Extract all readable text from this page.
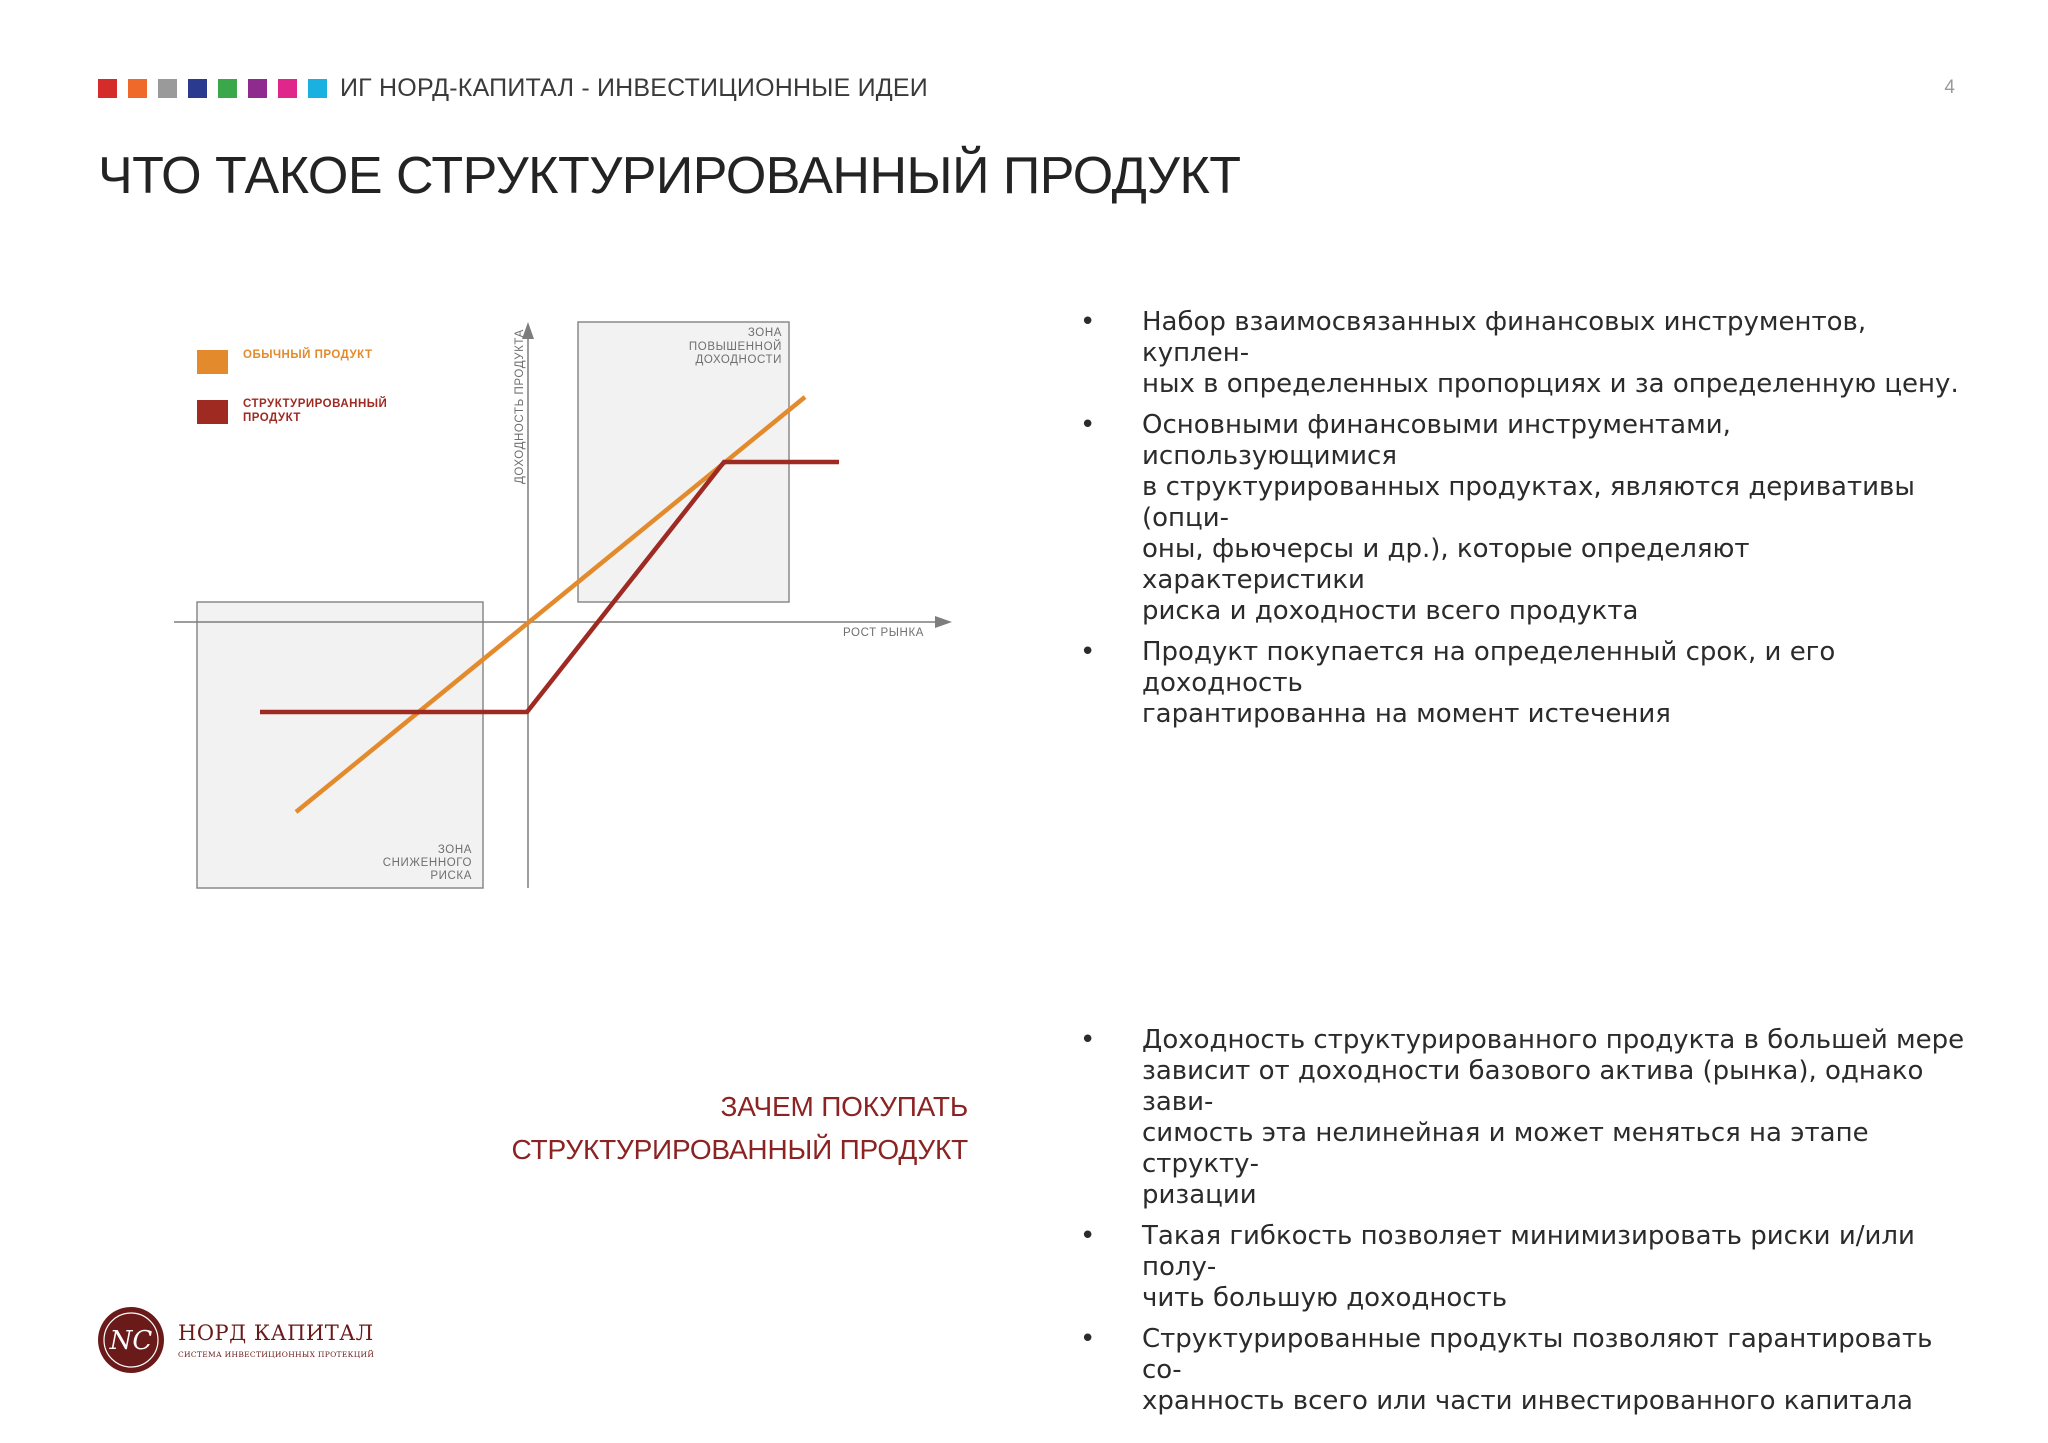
ИГ НОРД-КАПИТАЛ - ИНВЕСТИЦИОННЫЕ ИДЕИ	4
ЧТО ТАКОЕ СТРУКТУРИРОВАННЫЙ ПРОДУКТ
ОБЫЧНЫЙ ПРОДУКТ
СТРУКТУРИРОВАННЫЙ
ПРОДУКТ
ЗОНА
ПОВЫШЕННОЙ
ДОХОДНОСТИ
ЗОНА
СНИЖЕННОГО
РИСКА
ДОХОДНОСТЬ ПРОДУКТА
РОСТ РЫНКА
• Набор взаимосвязанных финансовых инструментов, куплен-
ных в определенных пропорциях и за определенную цену.
• Основными финансовыми инструментами, использующимися
в структурированных продуктах, являются деривативы (опци-
оны, фьючерсы и др.), которые определяют характеристики
риска и доходности всего продукта
• Продукт покупается на определенный срок, и его доходность
гарантированна на момент истечения
ЗАЧЕМ ПОКУПАТЬ
СТРУКТУРИРОВАННЫЙ ПРОДУКТ
• Доходность структурированного продукта в большей мере
зависит от доходности базового актива (рынка), однако зави-
симость эта нелинейная и может меняться на этапе структу-
ризации
• Такая гибкость позволяет минимизировать риски и/или полу-
чить большую доходность
• Структурированные продукты позволяют гарантировать со-
хранность всего или части инвестированного капитала
NC НОРД КАПИТАЛ
СИСТЕМА ИНВЕСТИЦИОННЫХ ПРОТЕКЦИЙ
